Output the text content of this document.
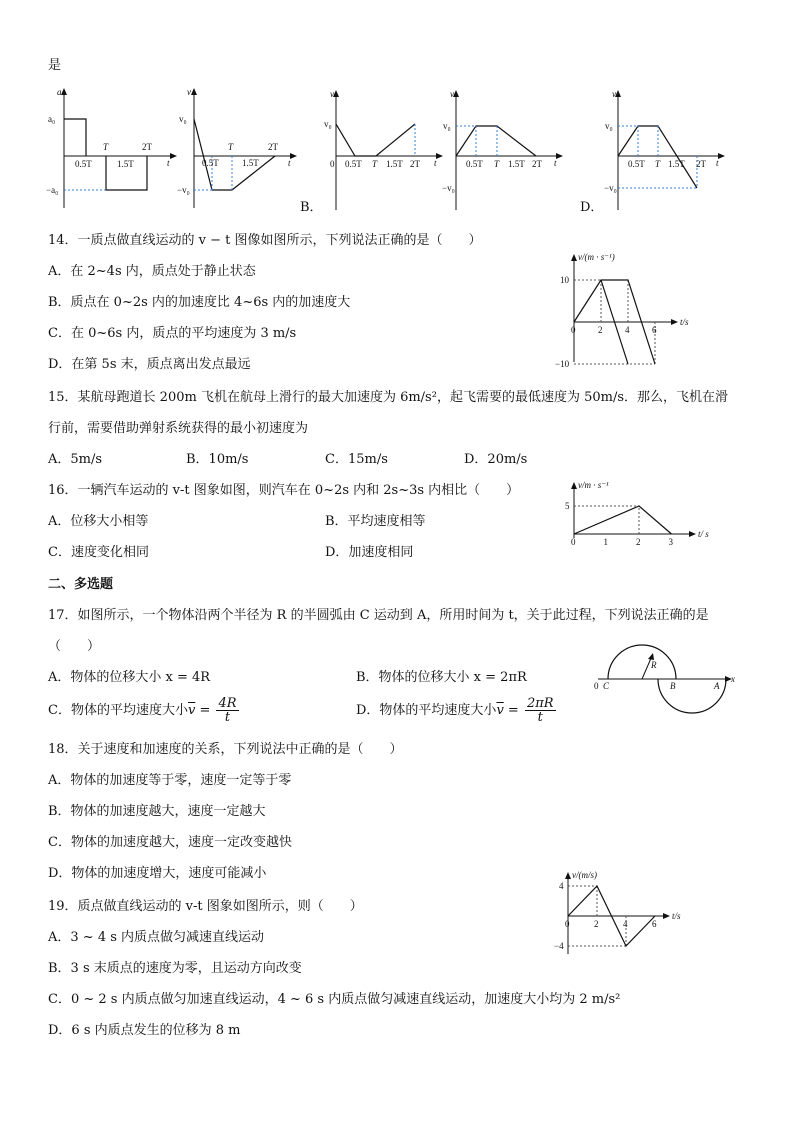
是
a
a₀
−a₀
0.5T
T
1.5T
2T
t
v
v₀
−v₀
0.5T
T
1.5T
2T
t
B．
v
v₀
0 0.5T T 1.5T 2T t
v
v₀
−v₀
0.5T T 1.5T 2T t
D．
v
v₀
−v₀
0.5T T 1.5T 2T t
14．一质点做直线运动的 v − t 图像如图所示，下列说法正确的是（　　）
A．在 2~4s 内，质点处于静止状态
B．质点在 0~2s 内的加速度比 4~6s 内的加速度大
C．在 0~6s 内，质点的平均速度为 3 m/s
D．在第 5s 末，质点离出发点最远
0	2	4	6
10
−10
v/(m · s⁻¹)
t/s
15．某航母跑道长 200m 飞机在航母上滑行的最大加速度为 6m/s²，起飞需要的最低速度为 50m/s．那么，飞机在滑
行前，需要借助弹射系统获得的最小初速度为
A．5m/s	B．10m/s	C．15m/s	D．20m/s
16．一辆汽车运动的 v-t 图象如图，则汽车在 0~2s 内和 2s~3s 内相比（　　）
A．位移大小相等	B．平均速度相等
C．速度变化相同	D．加速度相同
0	1	2	3
5
v/m · s⁻¹
t/ s
二、多选题
17．如图所示，一个物体沿两个半径为 R 的半圆弧由 C 运动到 A，所用时间为 t，关于此过程，下列说法正确的是
（　　）
A．物体的位移大小 x = 4R	B．物体的位移大小 x = 2πR
C．物体的平均速度大小$\overline{v} = \frac{4R}{t}$	D．物体的平均速度大小$\overline{v} = \frac{2\pi R}{t}$
0 C
R
B	A
x
18．关于速度和加速度的关系，下列说法中正确的是（　　）
A．物体的加速度等于零，速度一定等于零
B．物体的加速度越大，速度一定越大
C．物体的加速度越大，速度一定改变越快
D．物体的加速度增大，速度可能减小
19．质点做直线运动的 v-t 图象如图所示，则（　　）
A．3 ~ 4 s 内质点做匀减速直线运动
B．3 s 末质点的速度为零，且运动方向改变
C．0 ~ 2 s 内质点做匀加速直线运动，4 ~ 6 s 内质点做匀减速直线运动，加速度大小均为 2 m/s²
D．6 s 内质点发生的位移为 8 m
0	2	4	6
4
−4
v/(m/s)
t/s
